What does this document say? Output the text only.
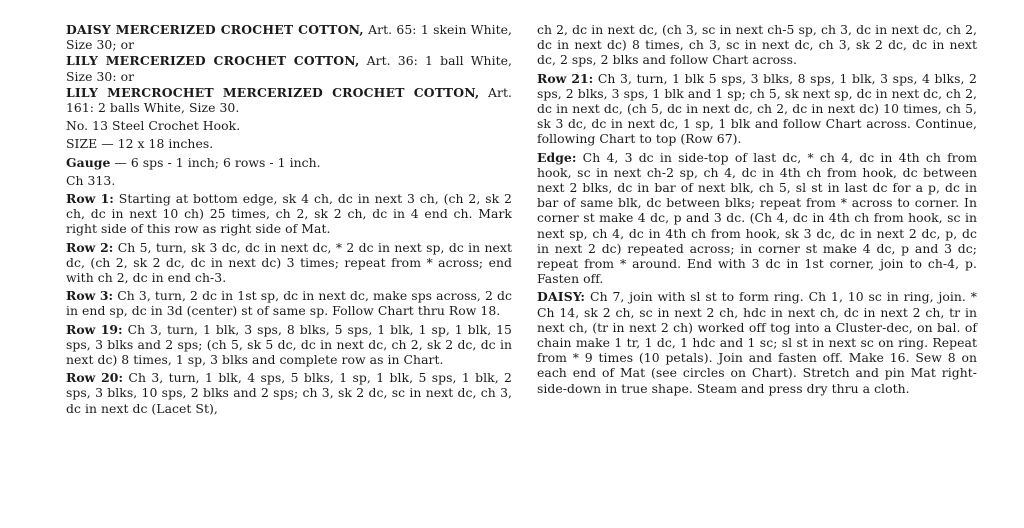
DAISY MERCERIZED CROCHET COTTON, Art. 65: 1 skein White, Size 30; or

LILY MERCERIZED CROCHET COTTON, Art. 36: 1 ball White, Size 30: or

LILY MERCROCHET MERCERIZED CROCHET COTTON, Art. 161: 2 balls White, Size 30.

No. 13 Steel Crochet Hook.

SIZE — 12 x 18 inches.

Gauge — 6 sps - 1 inch; 6 rows - 1 inch.

Ch 313.

Row 1: Starting at bottom edge, sk 4 ch, dc in next 3 ch, (ch 2, sk 2 ch, dc in next 10 ch) 25 times, ch 2, sk 2 ch, dc in 4 end ch. Mark right side of this row as right side of Mat.

Row 2: Ch 5, turn, sk 3 dc, dc in next dc, * 2 dc in next sp, dc in next dc, (ch 2, sk 2 dc, dc in next dc) 3 times; repeat from * across; end with ch 2, dc in end ch-3.

Row 3: Ch 3, turn, 2 dc in 1st sp, dc in next dc, make sps across, 2 dc in end sp, dc in 3d (center) st of same sp. Follow Chart thru Row 18.

Row 19: Ch 3, turn, 1 blk, 3 sps, 8 blks, 5 sps, 1 blk, 1 sp, 1 blk, 15 sps, 3 blks and 2 sps; (ch 5, sk 5 dc, dc in next dc, ch 2, sk 2 dc, dc in next dc) 8 times, 1 sp, 3 blks and complete row as in Chart.

Row 20: Ch 3, turn, 1 blk, 4 sps, 5 blks, 1 sp, 1 blk, 5 sps, 1 blk, 2 sps, 3 blks, 10 sps, 2 blks and 2 sps; ch 3, sk 2 dc, sc in next dc, ch 3, dc in next dc (Lacet St),

ch 2, dc in next dc, (ch 3, sc in next ch-5 sp, ch 3, dc in next dc, ch 2, dc in next dc) 8 times, ch 3, sc in next dc, ch 3, sk 2 dc, dc in next dc, 2 sps, 2 blks and follow Chart across.

Row 21: Ch 3, turn, 1 blk 5 sps, 3 blks, 8 sps, 1 blk, 3 sps, 4 blks, 2 sps, 2 blks, 3 sps, 1 blk and 1 sp; ch 5, sk next sp, dc in next dc, ch 2, dc in next dc, (ch 5, dc in next dc, ch 2, dc in next dc) 10 times, ch 5, sk 3 dc, dc in next dc, 1 sp, 1 blk and follow Chart across. Continue, following Chart to top (Row 67).

Edge: Ch 4, 3 dc in side-top of last dc, * ch 4, dc in 4th ch from hook, sc in next ch-2 sp, ch 4, dc in 4th ch from hook, dc between next 2 blks, dc in bar of next blk, ch 5, sl st in last dc for a p, dc in bar of same blk, dc between blks; repeat from * across to corner. In corner st make 4 dc, p and 3 dc. (Ch 4, dc in 4th ch from hook, sc in next sp, ch 4, dc in 4th ch from hook, sk 3 dc, dc in next 2 dc, p, dc in next 2 dc) repeated across; in corner st make 4 dc, p and 3 dc; repeat from * around. End with 3 dc in 1st corner, join to ch-4, p. Fasten off.

DAISY: Ch 7, join with sl st to form ring. Ch 1, 10 sc in ring, join. * Ch 14, sk 2 ch, sc in next 2 ch, hdc in next ch, dc in next 2 ch, tr in next ch, (tr in next 2 ch) worked off tog into a Cluster-dec, on bal. of chain make 1 tr, 1 dc, 1 hdc and 1 sc; sl st in next sc on ring. Repeat from * 9 times (10 petals). Join and fasten off. Make 16. Sew 8 on each end of Mat (see circles on Chart). Stretch and pin Mat right-side-down in true shape. Steam and press dry thru a cloth.
